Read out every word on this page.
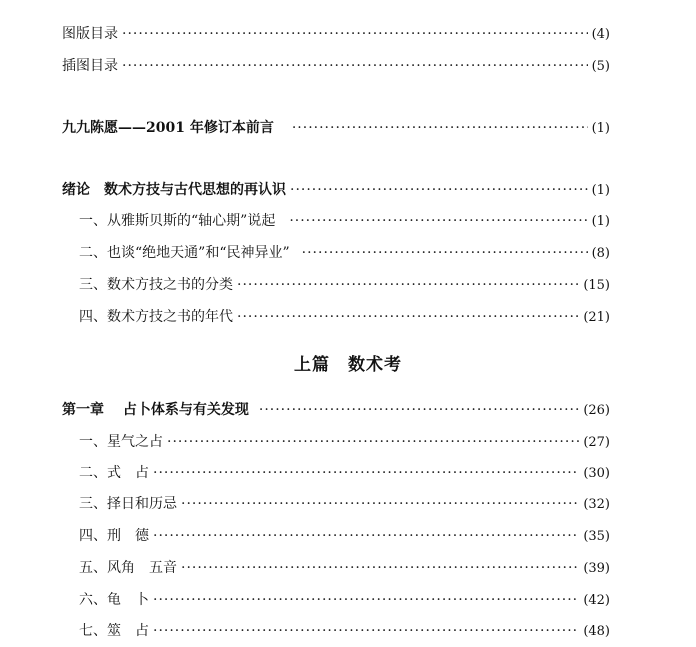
图版目录 ·····	(4)
插图目录 ·····	(5)
九九陈愿——2001 年修订本前言 ·····	(1)
绪论　数术方技与古代思想的再认识 ·····	(1)
一、从雅斯贝斯的“轴心期”说起 ·····	(1)
二、也谈“绝地天通”和“民神异业” ·····	(8)
三、数术方技之书的分类 ·····	(15)
四、数术方技之书的年代 ·····	(21)
上篇　数术考
第一章　 占卜体系与有关发现 ·····	(26)
一、星气之占 ·····	(27)
二、式　占 ·····	(30)
三、择日和历忌 ·····	(32)
四、刑　德 ·····	(35)
五、风角　五音 ·····	(39)
六、龟　卜 ·····	(42)
七、筮　占 ·····	(48)
